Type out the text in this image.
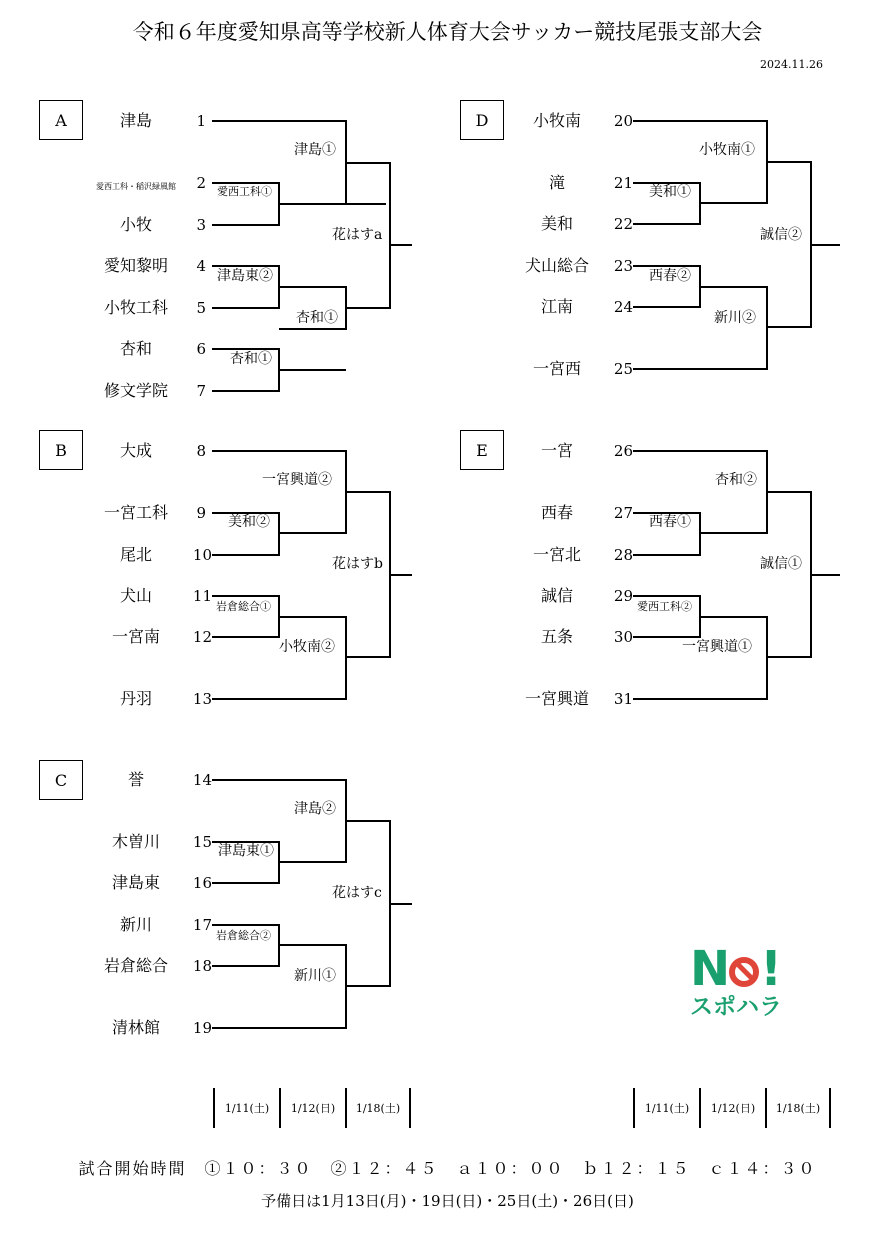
令和６年度愛知県高等学校新人体育大会サッカー競技尾張支部大会
2024.11.26
A	津島	1
愛西工科・稲沢緑風館	2
小牧	3
愛知黎明	4
小牧工科	5
杏和	6
修文学院	7
愛西工科①
津島東②
杏和①
津島①
杏和①
花はすa
B	大成	8
一宮工科	9
尾北	10
犬山	11
一宮南	12
丹羽	13
美和②
岩倉総合①
一宮興道②
小牧南②
花はすb
C	誉	14
木曽川	15
津島東	16
新川	17
岩倉総合	18
清林館	19
津島東①
岩倉総合②
津島②
新川①
花はすc
D	小牧南	20
滝	21
美和	22
犬山総合	23
江南	24
一宮西	25
美和①
西春②
小牧南①
新川②
誠信②
E	一宮	26
西春	27
一宮北	28
誠信	29
五条	30
一宮興道	31
西春①
愛西工科②
杏和②
一宮興道①
誠信①
N !
スポハラ
1/11(土)	1/12(日)	1/18(土)	1/11(土)	1/12(日)	1/18(土)
試合開始時間　①１０：３０　②１２：４５　ａ１０：００　ｂ１２：１５　ｃ１４：３０
予備日は1月13日(月)・19日(日)・25日(土)・26日(日)
